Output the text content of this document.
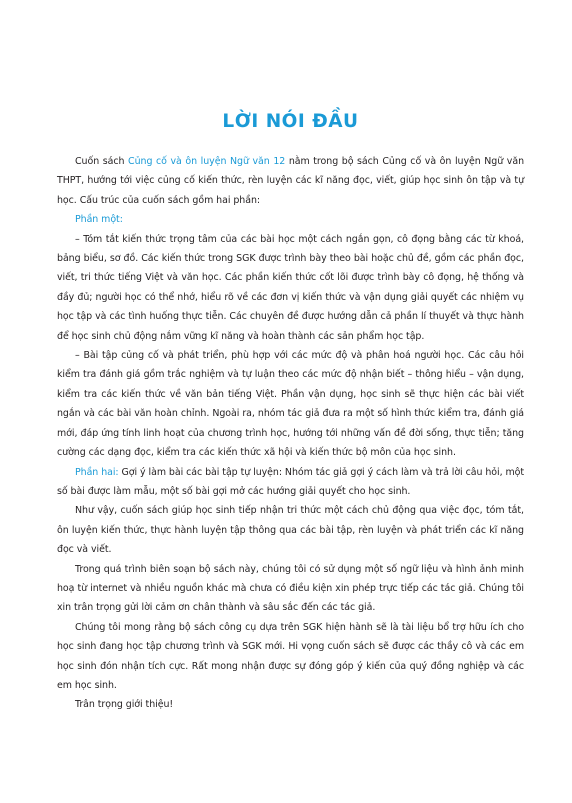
LỜI NÓI ĐẦU

Cuốn sách Củng cố và ôn luyện Ngữ văn 12 nằm trong bộ sách Củng cố và ôn luyện Ngữ văn THPT, hướng tới việc củng cố kiến thức, rèn luyện các kĩ năng đọc, viết, giúp học sinh ôn tập và tự học. Cấu trúc của cuốn sách gồm hai phần:

Phần một:

– Tóm tắt kiến thức trọng tâm của các bài học một cách ngắn gọn, cô đọng bằng các từ khoá, bảng biểu, sơ đồ. Các kiến thức trong SGK được trình bày theo bài hoặc chủ đề, gồm các phần đọc, viết, tri thức tiếng Việt và văn học. Các phần kiến thức cốt lõi được trình bày cô đọng, hệ thống và đầy đủ; người học có thể nhớ, hiểu rõ về các đơn vị kiến thức và vận dụng giải quyết các nhiệm vụ học tập và các tình huống thực tiễn. Các chuyên đề được hướng dẫn cả phần lí thuyết và thực hành để học sinh chủ động nắm vững kĩ năng và hoàn thành các sản phẩm học tập.

– Bài tập củng cố và phát triển, phù hợp với các mức độ và phân hoá người học. Các câu hỏi kiểm tra đánh giá gồm trắc nghiệm và tự luận theo các mức độ nhận biết – thông hiểu – vận dụng, kiểm tra các kiến thức về văn bản tiếng Việt. Phần vận dụng, học sinh sẽ thực hiện các bài viết ngắn và các bài văn hoàn chỉnh. Ngoài ra, nhóm tác giả đưa ra một số hình thức kiểm tra, đánh giá mới, đáp ứng tính linh hoạt của chương trình học, hướng tới những vấn đề đời sống, thực tiễn; tăng cường các dạng đọc, kiểm tra các kiến thức xã hội và kiến thức bộ môn của học sinh.

Phần hai: Gợi ý làm bài các bài tập tự luyện: Nhóm tác giả gợi ý cách làm và trả lời câu hỏi, một số bài được làm mẫu, một số bài gợi mở các hướng giải quyết cho học sinh.

Như vậy, cuốn sách giúp học sinh tiếp nhận tri thức một cách chủ động qua việc đọc, tóm tắt, ôn luyện kiến thức, thực hành luyện tập thông qua các bài tập, rèn luyện và phát triển các kĩ năng đọc và viết.

Trong quá trình biên soạn bộ sách này, chúng tôi có sử dụng một số ngữ liệu và hình ảnh minh hoạ từ internet và nhiều nguồn khác mà chưa có điều kiện xin phép trực tiếp các tác giả. Chúng tôi xin trân trọng gửi lời cảm ơn chân thành và sâu sắc đến các tác giả.

Chúng tôi mong rằng bộ sách công cụ dựa trên SGK hiện hành sẽ là tài liệu bổ trợ hữu ích cho học sinh đang học tập chương trình và SGK mới. Hi vọng cuốn sách sẽ được các thầy cô và các em học sinh đón nhận tích cực. Rất mong nhận được sự đóng góp ý kiến của quý đồng nghiệp và các em học sinh.

Trân trọng giới thiệu!
